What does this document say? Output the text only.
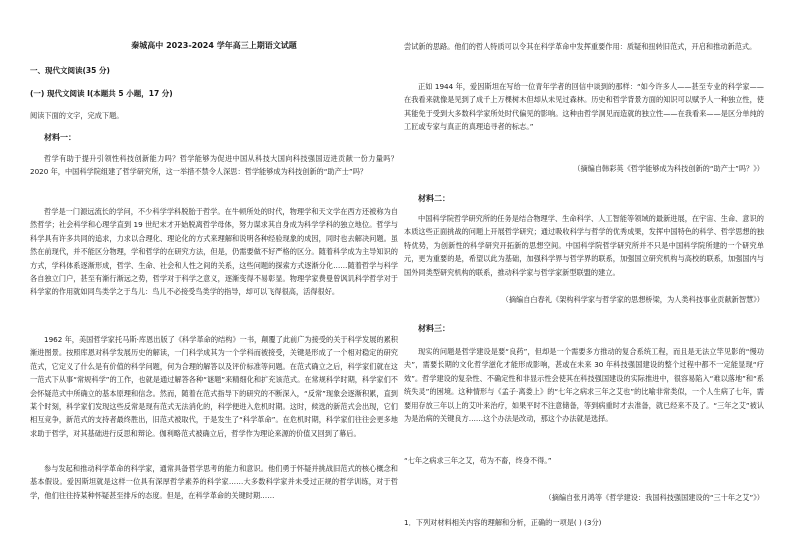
秦城高中 2023-2024 学年高三上期语文试题

一、现代文阅读(35 分)

(一) 现代文阅读 I(本题共 5 小题，17 分)

阅读下面的文字，完成下题。

材料一：

哲学有助于提升引领性科技创新能力吗？哲学能够为促进中国从科技大国向科技强国迈进贡献一份力量吗？2020 年，中国科学院组建了哲学研究所，这一举措不禁令人深思：哲学能够成为科技创新的“助产士”吗？

哲学是一门源远流长的学问，不少科学学科脱胎于哲学。在牛顿所处的时代，物理学和天文学在西方还被称为自然哲学；社会科学和心理学直到 19 世纪末才开始脱离哲学母体，努力谋求其自身成为科学学科的独立地位。哲学与科学具有许多共同的追求，力求以合理化、理论化的方式来理解和说明各种经验现象的成因，同时也去解决问题。虽然在前现代，并不能区分物理，学和哲学的在研究方法，但是，仍需要做不好严格的区分。随着科学成为主导知识的方式，学科体系逐渐形成，哲学、生命、社会和人性之间的关系，这些问题的探索方式逐渐分化……随着哲学与科学各自独立门户，甚至有渐行渐远之势，哲学对于科学之意义，逐渐变得不易彰显。物理学家费曼曾讽讥科学哲学对于科学家的作用就如同鸟类学之于鸟儿：鸟儿不必接受鸟类学的指导，却可以飞得很高，活得很好。

1962 年，美国哲学家托马斯·库恩出版了《科学革命的结构》一书，颠覆了此前广为接受的关于科学发展的累积渐进图景。按照库恩对科学发展历史的解读，一门科学成其为一个学科而被接受，关键是形成了一个相对稳定的研究范式，它定义了什么是有价值的科学问题，何为合理的解答以及评价标准等问题。在范式确立之后，科学家们就在这一范式下从事“常规科学”的工作，也就是通过解答各种“谜题”来精细化和扩充该范式。在常规科学时期，科学家们不会怀疑范式中所确立的基本原理和信念。然而，随着在范式指导下的研究的不断深入，“反常”现象会逐渐积累，直到某个时刻，科学家们发现这些反常是现有范式无法消化的，科学便进入危机时期。这时，候选的新范式会出现，它们相互竞争，新范式的支持者最终胜出，旧范式被取代，于是发生了“科学革命”。在危机时期，科学家们往往会更多地求助于哲学，对其基础进行反思和辩论。伽利略范式被确立后，哲学作为理论来源的价值又回到了幕后。

参与发起和推动科学革命的科学家，通常具备哲学思考的能力和意识。他们勇于怀疑并挑战旧范式的核心概念和基本假设。爱因斯坦就是这样一位具有深厚哲学素养的科学家……大多数科学家并未受过正规的哲学训练，对于哲学，他们往往持某种怀疑甚至排斥的态度。但是，在科学革命的关键时期……

尝试新的思路。他们的哲人特质可以令其在科学革命中发挥重要作用：质疑和扭转旧范式，开启和推动新范式。

正如 1944 年，爱因斯坦在写给一位青年学者的回信中谈到的那样：“如今许多人——甚至专业的科学家——在我看来就像是见到了成千上万棵树木但却从未见过森林。历史和哲学背景方面的知识可以赋予人一种独立性，使其能免于受到大多数科学家所处时代偏见的影响。这种由哲学洞见而造就的独立性——在我看来——是区分单纯的工匠或专家与真正的真理追寻者的标志。”

（摘编自韩彩英《哲学能够成为科技创新的“助产士”吗？》）

材料二：

中国科学院哲学研究所的任务是结合物理学、生命科学、人工智能等领域的最新进展，在宇宙、生命、意识的本质这些正面挑战的问题上开展哲学研究；通过吸收科学与哲学的优秀成果，发挥中国特色的科学、哲学思想的独特优势，为创新性的科学研究开拓新的思想空间。中国科学院哲学研究所并不只是中国科学院所建的一个研究单元，更为重要的是，希望以此为基础，加强科学界与哲学界的联系，加强国立研究机构与高校的联系，加强国内与国外同类型研究机构的联系，推动科学家与哲学家新型联盟的建立。

（摘编自白春礼《架构科学家与哲学家的思想桥梁，为人类科技事业贡献新智慧》）

材料三：

现实的问题是哲学建设是要“良药”，但却是一个需要多方推动的复合系统工程，而且是无法立竿见影的“慢功夫”，需要长期的文化哲学滋化才能形成影响，甚或在未来 30 年科技强国建设的整个过程中都不一定能显现“疗效”。哲学建设的复杂性、不确定性和非显示性会使其在科技强国建设的实际推进中，很容易陷入“难以落地”和“系统失灵”的困境。这种情形与《孟子·离娄上》的“七年之病求三年之艾也”的比喻非常类似，一个人生病了七年，需要用存放三年以上的艾叶来治疗，如果平时不注意储备，等到病重时才去准备，就已经来不及了。“三年之艾”被认为是治病的关键良方……这个办法是改动，那这个办法就是选择。

“七年之病求三年之艾，苟为不畜，终身不得。”

（摘编自张月鸿等《哲学建设：我国科技强国建设的“三十年之艾”》）

1．下列对材料相关内容的理解和分析，正确的一项是( ) (3分)
